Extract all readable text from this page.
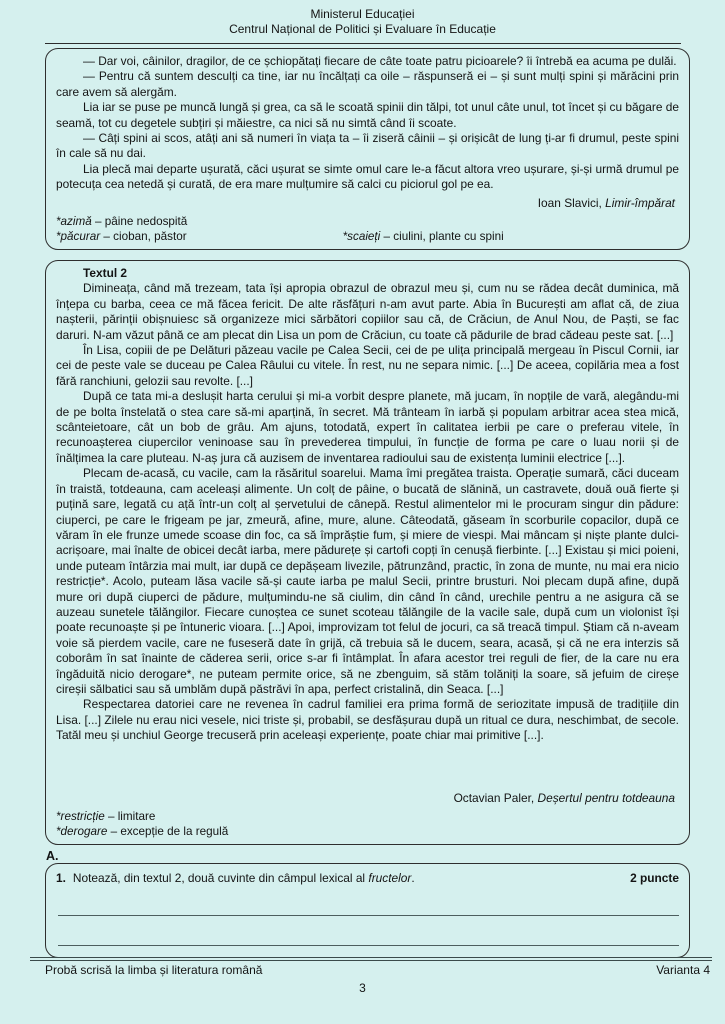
Ministerul Educației
Centrul Național de Politici și Evaluare în Educație

— Dar voi, câinilor, dragilor, de ce șchiopătați fiecare de câte toate patru picioarele? îi întrebă ea acuma pe dulăi.

— Pentru că suntem desculți ca tine, iar nu încălțați ca oile – răspunseră ei – și sunt mulți spini și mărăcini prin care avem să alergăm.

Lia iar se puse pe muncă lungă și grea, ca să le scoată spinii din tălpi, tot unul câte unul, tot încet și cu băgare de seamă, tot cu degetele subțiri și măiestre, ca nici să nu simtă când îi scoate.

— Câți spini ai scos, atâți ani să numeri în viața ta – îi ziseră câinii – și orișicât de lung ți-ar fi drumul, peste spini în cale să nu dai.

Lia plecă mai departe ușurată, căci ușurat se simte omul care le-a făcut altora vreo ușurare, și-și urmă drumul pe potecuța cea netedă și curată, de era mare mulțumire să calci cu piciorul gol pe ea.

Ioan Slavici, Limir-împărat
*azimă – pâine nedospită
*păcurar – cioban, păstor	*scaieți – ciulini, plante cu spini
Textul 2

Dimineața, când mă trezeam, tata își apropia obrazul de obrazul meu și, cum nu se rădea decât duminica, mă înțepa cu barba, ceea ce mă făcea fericit. De alte răsfățuri n-am avut parte. Abia în București am aflat că, de ziua nașterii, părinții obișnuiesc să organizeze mici sărbători copiilor sau că, de Crăciun, de Anul Nou, de Paști, se fac daruri. N-am văzut până ce am plecat din Lisa un pom de Crăciun, cu toate că pădurile de brad cădeau peste sat. [...]

În Lisa, copiii de pe Delături păzeau vacile pe Calea Secii, cei de pe ulița principală mergeau în Piscul Cornii, iar cei de peste vale se duceau pe Calea Râului cu vitele. În rest, nu ne separa nimic. [...] De aceea, copilăria mea a fost fără ranchiuni, gelozii sau revolte. [...]

După ce tata mi-a deslușit harta cerului și mi-a vorbit despre planete, mă jucam, în nopțile de vară, alegându-mi de pe bolta înstelată o stea care să-mi aparțină, în secret. Mă trânteam în iarbă și populam arbitrar acea stea mică, scânteietoare, cât un bob de grâu. Am ajuns, totodată, expert în calitatea ierbii pe care o preferau vitele, în recunoașterea ciupercilor veninoase sau în prevederea timpului, în funcție de forma pe care o luau norii și de înălțimea la care pluteau. N-aș jura că auzisem de inventarea radioului sau de existența luminii electrice [...].

Plecam de-acasă, cu vacile, cam la răsăritul soarelui. Mama îmi pregătea traista. Operație sumară, căci duceam în traistă, totdeauna, cam aceleași alimente. Un colț de pâine, o bucată de slănină, un castravete, două ouă fierte și puțină sare, legată cu ață într-un colț al șervetului de cânepă. Restul alimentelor mi le procuram singur din pădure: ciuperci, pe care le frigeam pe jar, zmeură, afine, mure, alune. Câteodată, găseam în scorburile copacilor, după ce văram în ele frunze umede scoase din foc, ca să împrăștie fum, și miere de viespi. Mai mâncam și niște plante dulci-acrișoare, mai înalte de obicei decât iarba, mere pădurețe și cartofi copți în cenușă fierbinte. [...] Existau și mici poieni, unde puteam întârzia mai mult, iar după ce depășeam livezile, pătrunzând, practic, în zona de munte, nu mai era nicio restricție*. Acolo, puteam lăsa vacile să-și caute iarba pe malul Secii, printre brusturi. Noi plecam după afine, după mure ori după ciuperci de pădure, mulțumindu-ne să ciulim, din când în când, urechile pentru a ne asigura că se auzeau sunetele tălăngilor. Fiecare cunoștea ce sunet scoteau tălăngile de la vacile sale, după cum un violonist își poate recunoaște și pe întuneric vioara. [...] Apoi, improvizam tot felul de jocuri, ca să treacă timpul. Știam că n-aveam voie să pierdem vacile, care ne fuseseră date în grijă, că trebuia să le ducem, seara, acasă, și că ne era interzis să coborâm în sat înainte de căderea serii, orice s-ar fi întâmplat. În afara acestor trei reguli de fier, de la care nu era îngăduită nicio derogare*, ne puteam permite orice, să ne zbenguim, să stăm tolăniți la soare, să jefuim de cireșe cireșii sălbatici sau să umblăm după păstrăvi în apa, perfect cristalină, din Seaca. [...]

Respectarea datoriei care ne revenea în cadrul familiei era prima formă de seriozitate impusă de tradițiile din Lisa. [...] Zilele nu erau nici vesele, nici triste și, probabil, se desfășurau după un ritual ce dura, neschimbat, de secole. Tatăl meu și unchiul George trecuseră prin aceleași experiențe, poate chiar mai primitive [...].

Octavian Paler, Deșertul pentru totdeauna
*restricție – limitare
*derogare – excepție de la regulă
A.
1. Notează, din textul 2, două cuvinte din câmpul lexical al fructelor.	2 puncte
Probă scrisă la limba și literatura română	Varianta 4
3
